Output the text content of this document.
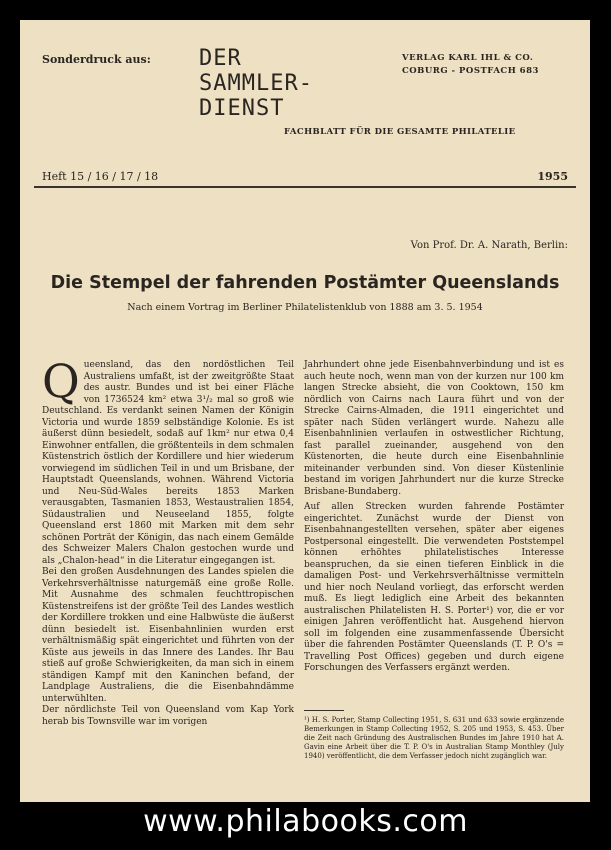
Sonderdruck aus: DER
SAMMLER-
DIENST
VERLAG KARL IHL & CO.
COBURG - POSTFACH 683
FACHBLATT FÜR DIE GESAMTE PHILATELIE
Heft 15 / 16 / 17 / 18	1955
Von Prof. Dr. A. Narath, Berlin:
Die Stempel der fahrenden Postämter Queenslands
Nach einem Vortrag im Berliner Philatelistenklub von 1888 am 3. 5. 1954

Queensland, das den nordöstlichen Teil Australiens umfaßt, ist der zweitgrößte Staat des austr. Bundes und ist bei einer Fläche von 1736524 km² etwa 3¹/₂ mal so groß wie Deutschland. Es verdankt seinen Namen der Königin Victoria und wurde 1859 selbständige Kolonie. Es ist äußerst dünn besiedelt, sodaß auf 1km² nur etwa 0,4 Einwohner entfallen, die größtenteils in dem schmalen Küstenstrich östlich der Kordillere und hier wiederum vorwiegend im südlichen Teil in und um Brisbane, der Hauptstadt Queenslands, wohnen. Während Victoria und Neu-Süd-Wales bereits 1853 Marken verausgabten, Tasmanien 1853, Westaustralien 1854, Südaustralien und Neuseeland 1855, folgte Queensland erst 1860 mit Marken mit dem sehr schönen Porträt der Königin, das nach einem Gemälde des Schweizer Malers Chalon gestochen wurde und als „Chalon-head“ in die Literatur eingegangen ist.

Bei den großen Ausdehnungen des Landes spielen die Verkehrsverhältnisse naturgemäß eine große Rolle. Mit Ausnahme des schmalen feuchttropischen Küstenstreifens ist der größte Teil des Landes westlich der Kordillere trokken und eine Halbwüste die äußerst dünn besiedelt ist. Eisenbahnlinien wurden erst verhältnismäßig spät eingerichtet und führten von der Küste aus jeweils in das Innere des Landes. Ihr Bau stieß auf große Schwierigkeiten, da man sich in einem ständigen Kampf mit den Kaninchen befand, der Landplage Australiens, die die Eisenbahndämme unterwühlten.

Der nördlichste Teil von Queensland vom Kap York herab bis Townsville war im vorigen

Jahrhundert ohne jede Eisenbahnverbindung und ist es auch heute noch, wenn man von der kurzen nur 100 km langen Strecke absieht, die von Cooktown, 150 km nördlich von Cairns nach Laura führt und von der Strecke Cairns-Almaden, die 1911 eingerichtet und später nach Süden verlängert wurde. Nahezu alle Eisenbahnlinien verlaufen in ostwestlicher Richtung, fast parallel zueinander, ausgehend von den Küstenorten, die heute durch eine Eisenbahnlinie miteinander verbunden sind. Von dieser Küstenlinie bestand im vorigen Jahrhundert nur die kurze Strecke Brisbane-Bundaberg.

Auf allen Strecken wurden fahrende Postämter eingerichtet. Zunächst wurde der Dienst von Eisenbahnangestellten versehen, später aber eigenes Postpersonal eingestellt. Die verwendeten Poststempel können erhöhtes philatelistisches Interesse beanspruchen, da sie einen tieferen Einblick in die damaligen Post- und Verkehrsverhältnisse vermitteln und hier noch Neuland vorliegt, das erforscht werden muß. Es liegt lediglich eine Arbeit des bekannten australischen Philatelisten H. S. Porter¹) vor, die er vor einigen Jahren veröffentlicht hat. Ausgehend hiervon soll im folgenden eine zusammenfassende Übersicht über die fahrenden Postämter Queenslands (T. P. O's = Travelling Post Offices) gegeben und durch eigene Forschungen des Verfassers ergänzt werden.

¹) H. S. Porter, Stamp Collecting 1951, S. 631 und 633 sowie ergänzende Bemerkungen in Stamp Collecting 1952, S. 205 und 1953, S. 453. Über die Zeit nach Gründung des Australischen Bundes im Jahre 1910 hat A. Gavin eine Arbeit über die T. P. O's in Australian Stamp Monthley (July 1940) veröffentlicht, die dem Verfasser jedoch nicht zugänglich war.
www.philabooks.com
